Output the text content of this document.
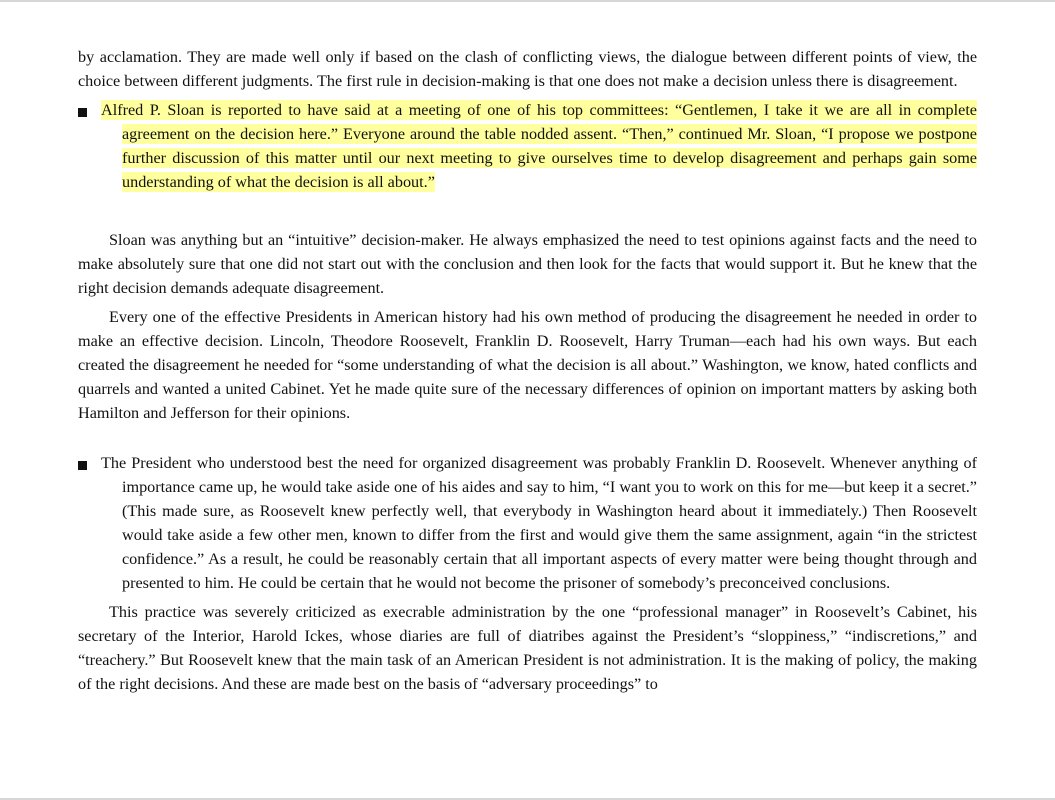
by acclamation. They are made well only if based on the clash of conflicting views, the dialogue between different points of view, the choice between different judgments. The first rule in decision-making is that one does not make a decision unless there is disagreement.

Alfred P. Sloan is reported to have said at a meeting of one of his top committees: “Gentlemen, I take it we are all in complete agreement on the decision here.” Everyone around the table nodded assent. “Then,” continued Mr. Sloan, “I propose we postpone further discussion of this matter until our next meeting to give ourselves time to develop disagreement and perhaps gain some understanding of what the decision is all about.”

Sloan was anything but an “intuitive” decision-maker. He always emphasized the need to test opinions against facts and the need to make absolutely sure that one did not start out with the conclusion and then look for the facts that would support it. But he knew that the right decision demands adequate disagreement.

Every one of the effective Presidents in American history had his own method of producing the disagreement he needed in order to make an effective decision. Lincoln, Theodore Roosevelt, Franklin D. Roosevelt, Harry Truman—each had his own ways. But each created the disagreement he needed for “some understanding of what the decision is all about.” Washington, we know, hated conflicts and quarrels and wanted a united Cabinet. Yet he made quite sure of the necessary differences of opinion on important matters by asking both Hamilton and Jefferson for their opinions.

The President who understood best the need for organized disagreement was probably Franklin D. Roosevelt. Whenever anything of importance came up, he would take aside one of his aides and say to him, “I want you to work on this for me—but keep it a secret.” (This made sure, as Roosevelt knew perfectly well, that everybody in Washington heard about it immediately.) Then Roosevelt would take aside a few other men, known to differ from the first and would give them the same assignment, again “in the strictest confidence.” As a result, he could be reasonably certain that all important aspects of every matter were being thought through and presented to him. He could be certain that he would not become the prisoner of somebody’s preconceived conclusions.

This practice was severely criticized as execrable administration by the one “professional manager” in Roosevelt’s Cabinet, his secretary of the Interior, Harold Ickes, whose diaries are full of diatribes against the President’s “sloppiness,” “indiscretions,” and “treachery.” But Roosevelt knew that the main task of an American President is not administration. It is the making of policy, the making of the right decisions. And these are made best on the basis of “adversary proceedings” to
